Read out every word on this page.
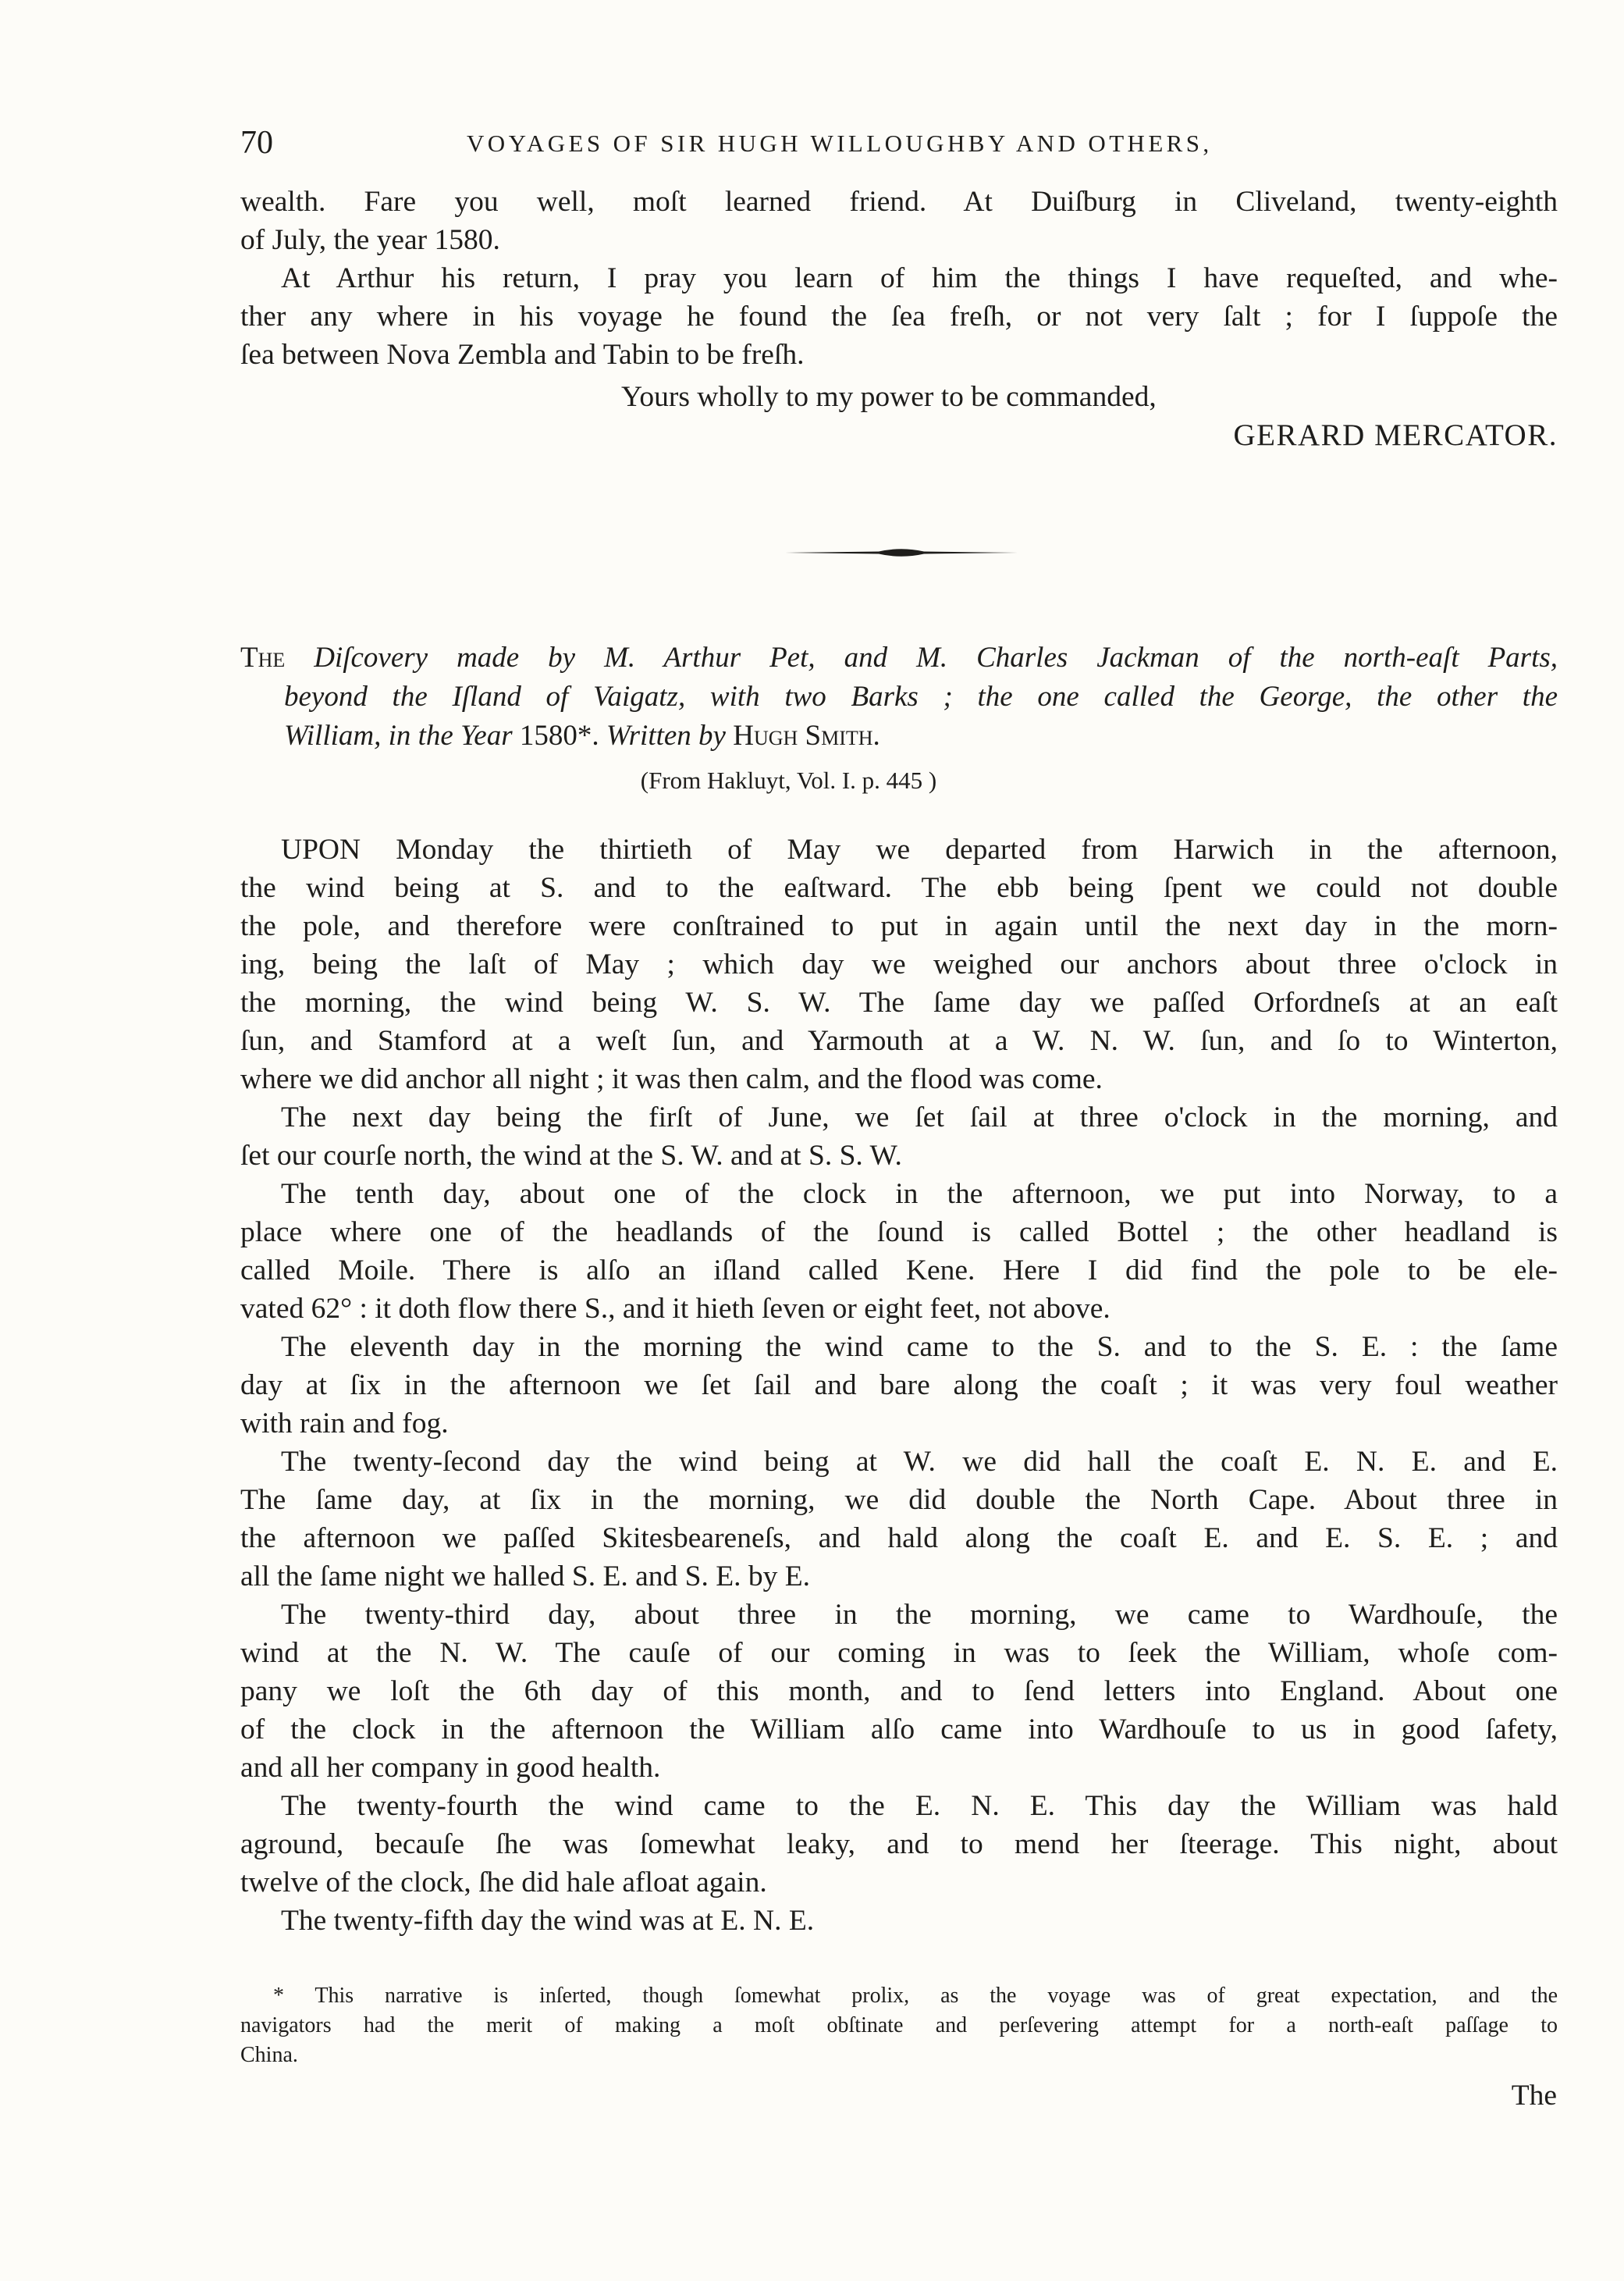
70	VOYAGES OF SIR HUGH WILLOUGHBY AND OTHERS,
wealth. Fare you well, moſt learned friend. At Duiſburg in Cliveland, twenty-eighth
of July, the year 1580.
At Arthur his return, I pray you learn of him the things I have requeſted, and whe-
ther any where in his voyage he found the ſea freſh, or not very ſalt ; for I ſuppoſe the
ſea between Nova Zembla and Tabin to be freſh.
Yours wholly to my power to be commanded,
GERARD MERCATOR.
The Diſcovery made by M. Arthur Pet, and M. Charles Jackman of the north-eaſt Parts,
beyond the Iſland of Vaigatz, with two Barks ; the one called the George, the other the
William, in the Year 1580*. Written by Hugh Smith.
(From Hakluyt, Vol. I. p. 445 )
UPON Monday the thirtieth of May we departed from Harwich in the afternoon,
the wind being at S. and to the eaſtward. The ebb being ſpent we could not double
the pole, and therefore were conſtrained to put in again until the next day in the morn-
ing, being the laſt of May ; which day we weighed our anchors about three o'clock in
the morning, the wind being W. S. W. The ſame day we paſſed Orfordneſs at an eaſt
ſun, and Stamford at a weſt ſun, and Yarmouth at a W. N. W. ſun, and ſo to Winterton,
where we did anchor all night ; it was then calm, and the flood was come.
The next day being the firſt of June, we ſet ſail at three o'clock in the morning, and
ſet our courſe north, the wind at the S. W. and at S. S. W.
The tenth day, about one of the clock in the afternoon, we put into Norway, to a
place where one of the headlands of the ſound is called Bottel ; the other headland is
called Moile. There is alſo an iſland called Kene. Here I did find the pole to be ele-
vated 62° : it doth flow there S., and it hieth ſeven or eight feet, not above.
The eleventh day in the morning the wind came to the S. and to the S. E. : the ſame
day at ſix in the afternoon we ſet ſail and bare along the coaſt ; it was very foul weather
with rain and fog.
The twenty-ſecond day the wind being at W. we did hall the coaſt E. N. E. and E.
The ſame day, at ſix in the morning, we did double the North Cape. About three in
the afternoon we paſſed Skitesbeareneſs, and hald along the coaſt E. and E. S. E. ; and
all the ſame night we halled S. E. and S. E. by E.
The twenty-third day, about three in the morning, we came to Wardhouſe, the
wind at the N. W. The cauſe of our coming in was to ſeek the William, whoſe com-
pany we loſt the 6th day of this month, and to ſend letters into England. About one
of the clock in the afternoon the William alſo came into Wardhouſe to us in good ſafety,
and all her company in good health.
The twenty-fourth the wind came to the E. N. E. This day the William was hald
aground, becauſe ſhe was ſomewhat leaky, and to mend her ſteerage. This night, about
twelve of the clock, ſhe did hale afloat again.
The twenty-fifth day the wind was at E. N. E.
* This narrative is inſerted, though ſomewhat prolix, as the voyage was of great expectation, and the
navigators had the merit of making a moſt obſtinate and perſevering attempt for a north-eaſt paſſage to
China.
The
